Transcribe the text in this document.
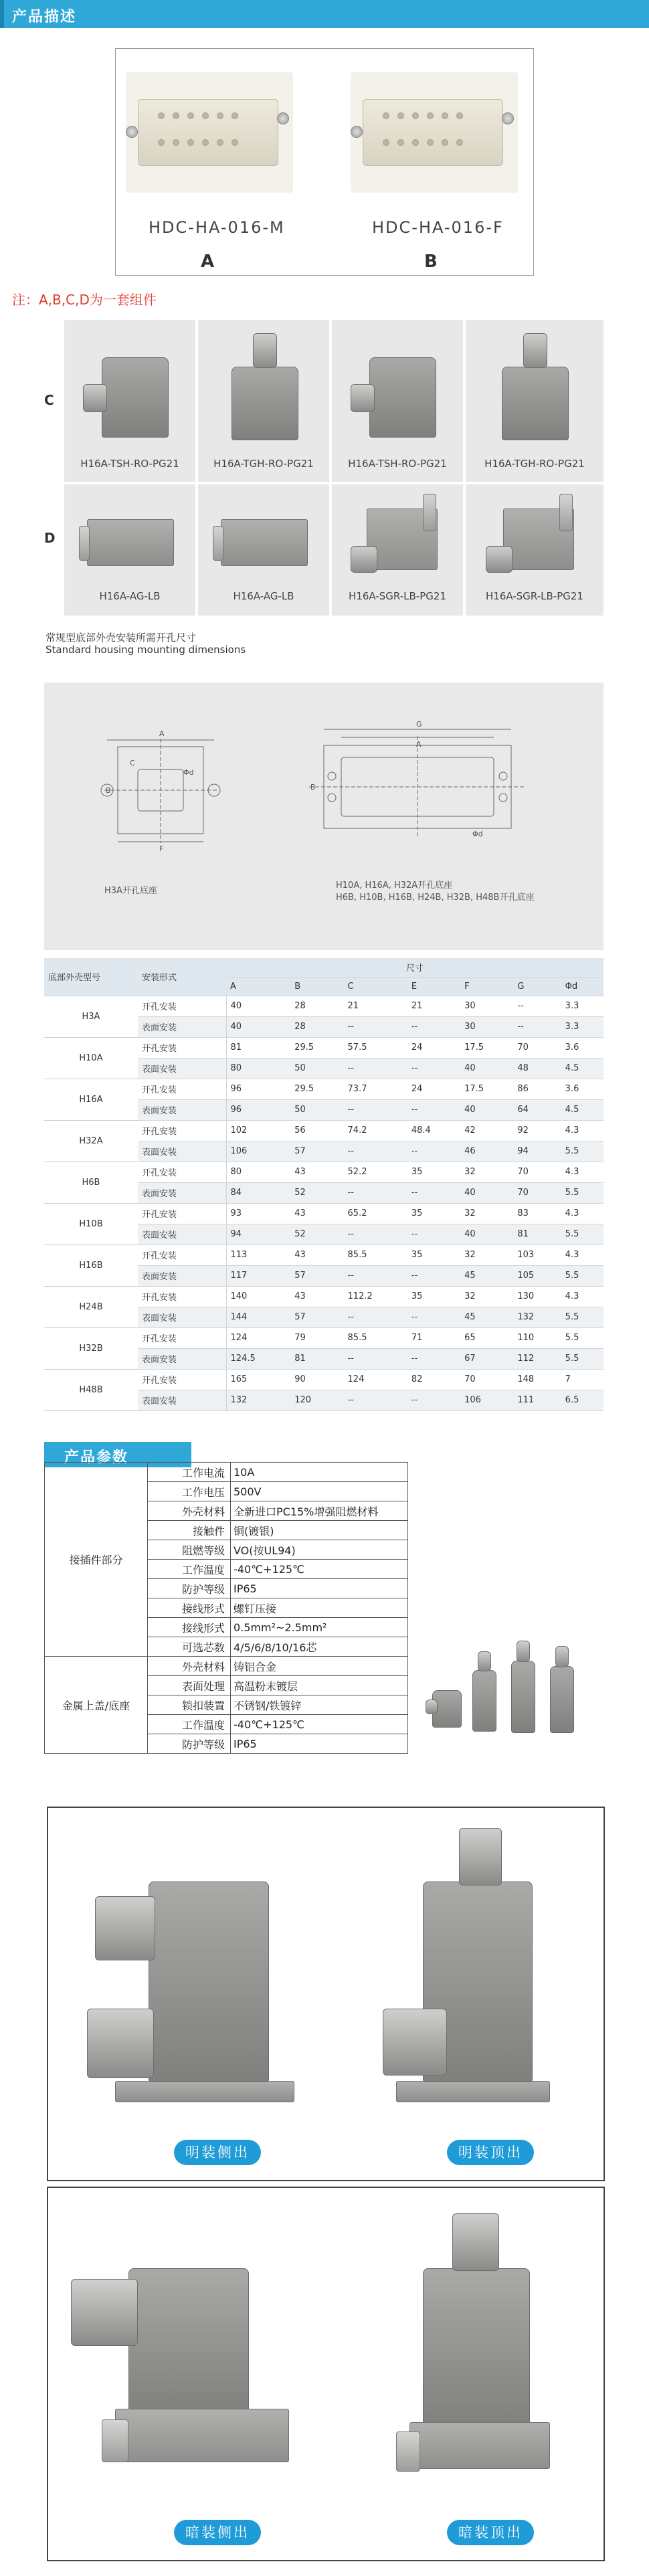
产品描述
HDC-HA-016-M
A
HDC-HA-016-F
B
注：A,B,C,D为一套组件
C
D
H16A-TSH-RO-PG21	H16A-TGH-RO-PG21	H16A-TSH-RO-PG21	H16A-TGH-RO-PG21
H16A-AG-LB	H16A-AG-LB	H16A-SGR-LB-PG21	H16A-SGR-LB-PG21
常规型底部外壳安装所需开孔尺寸
Standard housing mounting dimensions
A
C
Φd
B
F
G
A
B
Φd
H3A开孔底座
H10A, H16A, H32A开孔底座
H6B, H10B, H16B, H24B, H32B, H48B开孔底座
底部外壳型号	安装形式	尺寸						
		A	B	C	E	F	G	Φd
H3A	开孔安装	40	28	21	21	30	--	3.3
	表面安装	40	28	--	--	30	--	3.3
H10A	开孔安装	81	29.5	57.5	24	17.5	70	3.6
	表面安装	80	50	--	--	40	48	4.5
H16A	开孔安装	96	29.5	73.7	24	17.5	86	3.6
	表面安装	96	50	--	--	40	64	4.5
H32A	开孔安装	102	56	74.2	48.4	42	92	4.3
	表面安装	106	57	--	--	46	94	5.5
H6B	开孔安装	80	43	52.2	35	32	70	4.3
	表面安装	84	52	--	--	40	70	5.5
H10B	开孔安装	93	43	65.2	35	32	83	4.3
	表面安装	94	52	--	--	40	81	5.5
H16B	开孔安装	113	43	85.5	35	32	103	4.3
	表面安装	117	57	--	--	45	105	5.5
H24B	开孔安装	140	43	112.2	35	32	130	4.3
	表面安装	144	57	--	--	45	132	5.5
H32B	开孔安装	124	79	85.5	71	65	110	5.5
	表面安装	124.5	81	--	--	67	112	5.5
H48B	开孔安装	165	90	124	82	70	148	7
	表面安装	132	120	--	--	106	111	6.5
产品参数
接插件部分	工作电流	10A
	工作电压	500V
	外壳材料	全新进口PC15%增强阻燃材料
	接触件	铜(镀银)
	阻燃等级	VO(按UL94)
	工作温度	-40℃+125℃
	防护等级	IP65
	接线形式	螺钉压接
	接线形式	0.5mm²~2.5mm²
	可选芯数	4/5/6/8/10/16芯
金属上盖/底座	外壳材料	铸铝合金
	表面处理	高温粉末镀层
	锁扣装置	不锈钢/铁镀锌
	工作温度	-40℃+125℃
	防护等级	IP65
明装侧出	明装顶出
暗装侧出	暗装顶出
